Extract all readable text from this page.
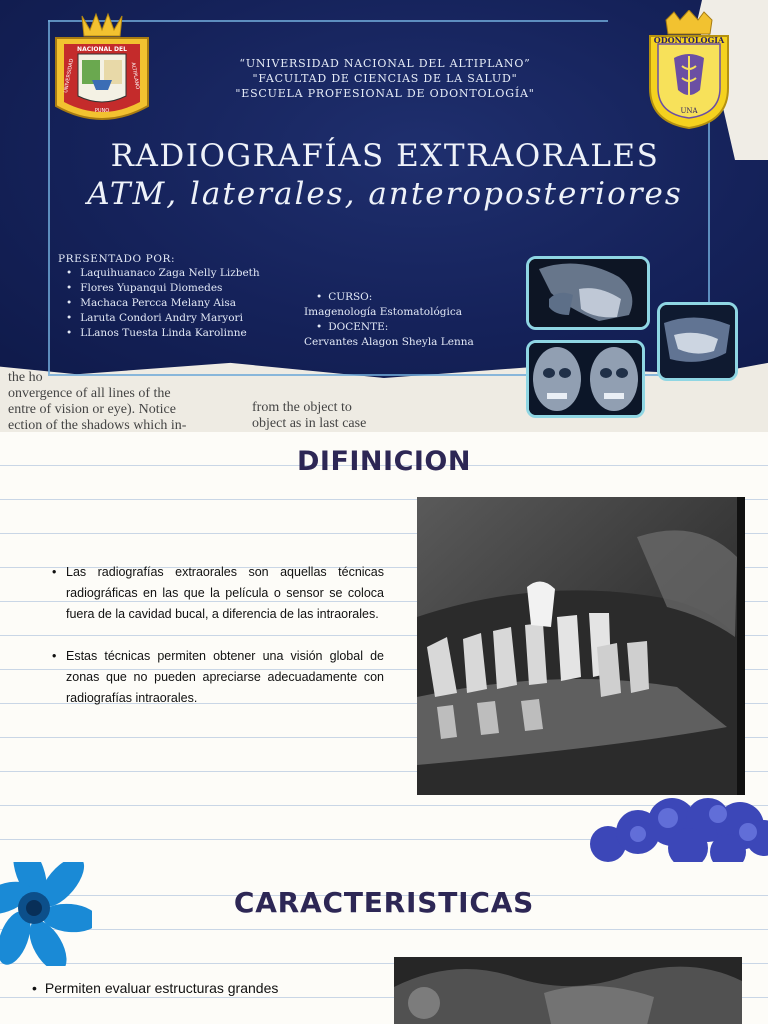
the ho
onvergence of all lines of the
entre of vision or eye). Notice
ection of the shadows which in-
from the object to
object as in last case
NACIONAL DEL
UNIVERSIDAD	ALTIPLANO
PUNO
ODONTOLOGIA
UNA
“UNIVERSIDAD NACIONAL DEL ALTIPLANO”
"FACULTAD DE CIENCIAS DE LA SALUD"
"ESCUELA PROFESIONAL DE ODONTOLOGÍA"
RADIOGRAFÍAS EXTRAORALES
ATM, laterales, anteroposteriores
PRESENTADO POR:
• Laquihuanaco Zaga Nelly Lizbeth
• Flores Yupanqui Diomedes
• Machaca Percca Melany Aisa
• Laruta Condori Andry Maryori
• LLanos Tuesta Linda Karolinne
• CURSO:
Imagenología Estomatológica
• DOCENTE:
Cervantes Alagon Sheyla Lenna
DIFINICION
• Las radiografías extraorales son aquellas técnicas radiográficas en las que la película o sensor se coloca fuera de la cavidad bucal, a diferencia de las intraorales.
• Estas técnicas permiten obtener una visión global de zonas que no pueden apreciarse adecuadamente con radiografías intraorales.
CARACTERISTICAS
• Permiten evaluar estructuras grandes
